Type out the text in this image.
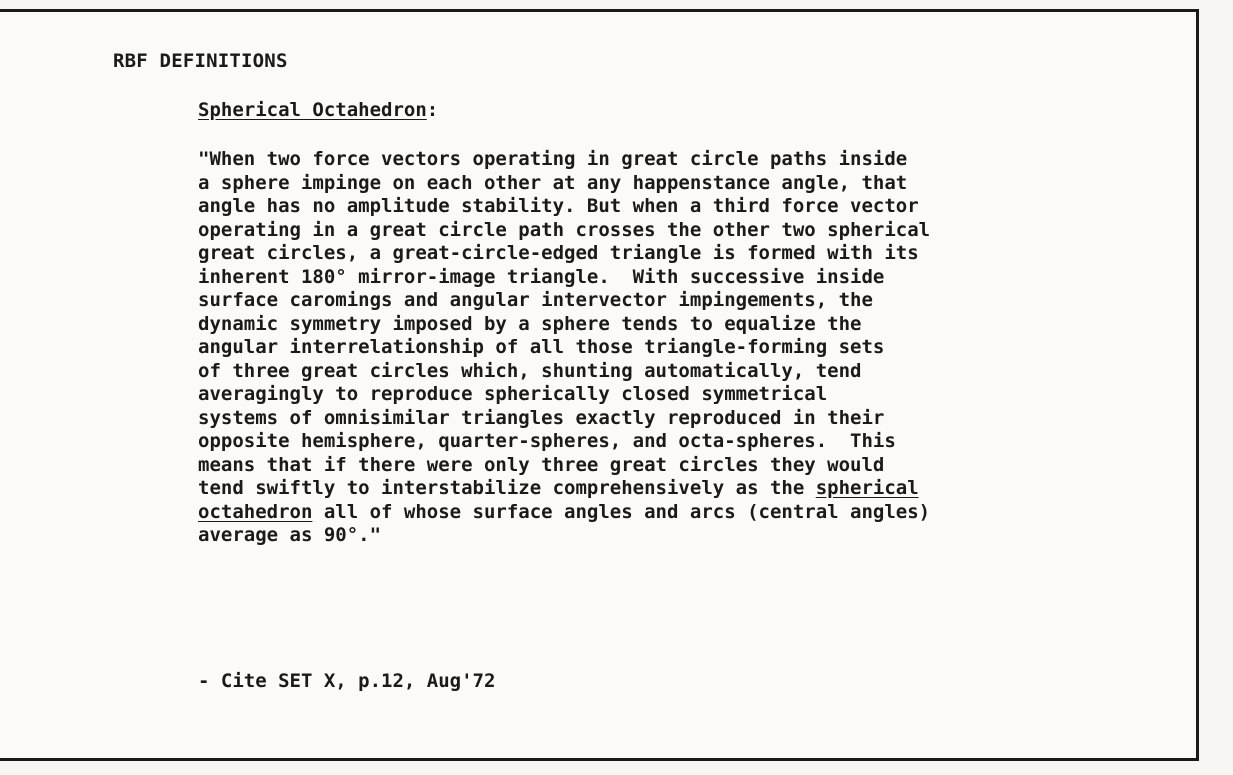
RBF DEFINITIONS
Spherical Octahedron:
"When two force vectors operating in great circle paths inside
a sphere impinge on each other at any happenstance angle, that
angle has no amplitude stability. But when a third force vector
operating in a great circle path crosses the other two spherical
great circles, a great-circle-edged triangle is formed with its
inherent 180° mirror-image triangle.  With successive inside
surface caromings and angular intervector impingements, the
dynamic symmetry imposed by a sphere tends to equalize the
angular interrelationship of all those triangle-forming sets
of three great circles which, shunting automatically, tend
averagingly to reproduce spherically closed symmetrical
systems of omnisimilar triangles exactly reproduced in their
opposite hemisphere, quarter-spheres, and octa-spheres.  This
means that if there were only three great circles they would
tend swiftly to interstabilize comprehensively as the spherical
octahedron all of whose surface angles and arcs (central angles)
average as 90°."
- Cite SET X, p.12, Aug'72
